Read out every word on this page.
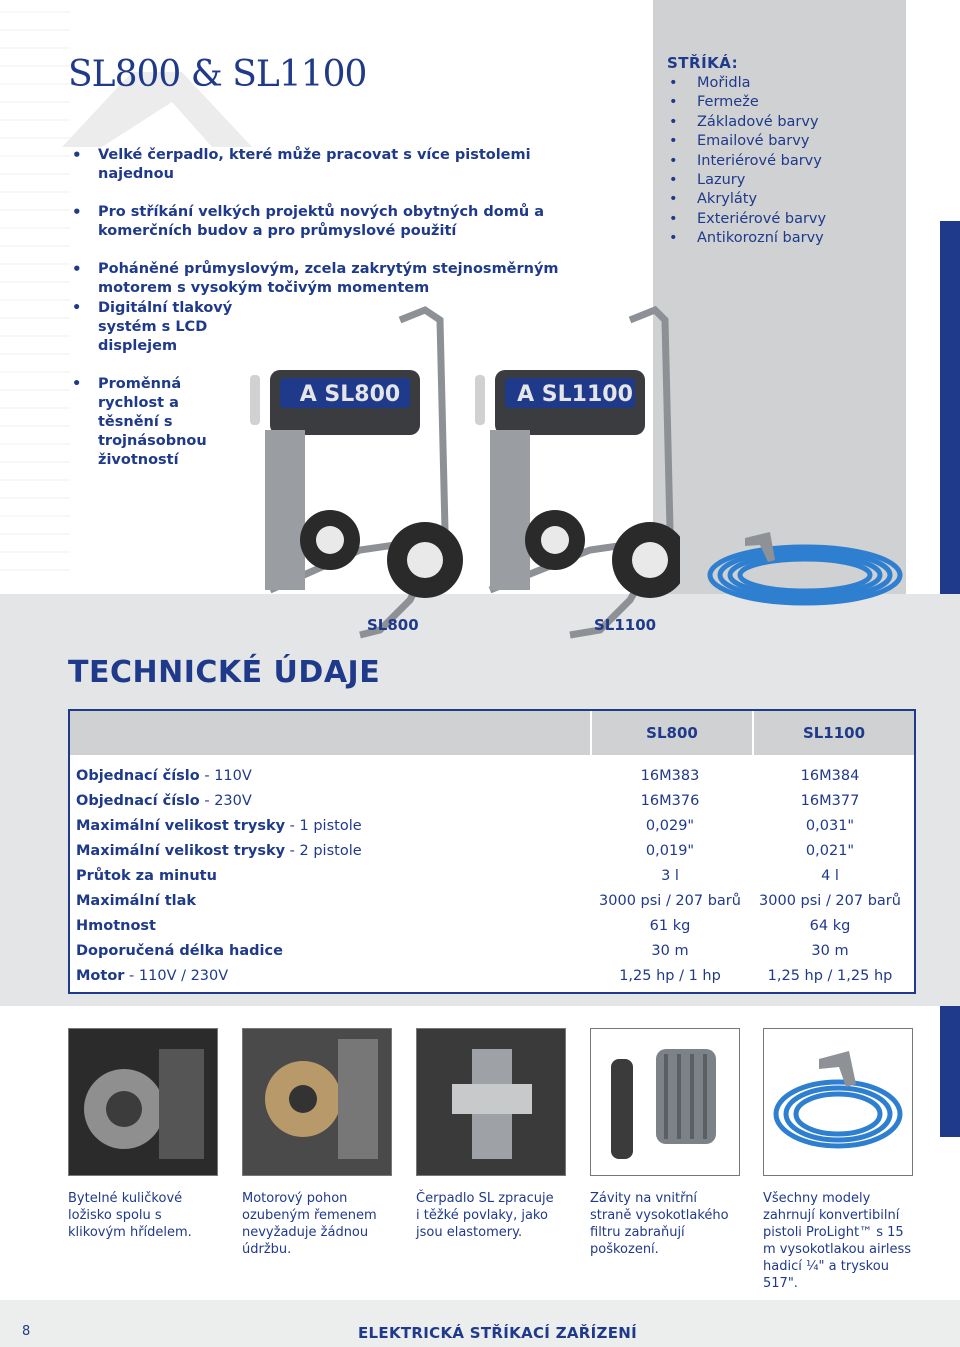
SL800 & SL1100
• Velké čerpadlo, které může pracovat s více pistolemi najednou
• Pro stříkání velkých projektů nových obytných domů a komerčních budov a pro průmyslové použití
• Poháněné průmyslovým, zcela zakrytým stejnosměrným motorem s vysokým točivým momentem
• Digitální tlakový systém s LCD displejem
• Proměnná rychlost a těsnění s trojnásobnou životností
STŘÍKÁ:
• Mořidla
• Fermeže
• Základové barvy
• Emailové barvy
• Interiérové barvy
• Lazury
• Akryláty
• Exteriérové barvy
• Antikorozní barvy
A SL800	A SL1100
SL800	SL1100
TECHNICKÉ ÚDAJE
SL800	SL1100
Objednací číslo - 110V	16M383	16M384
Objednací číslo - 230V	16M376	16M377
Maximální velikost trysky - 1 pistole	0,029"	0,031"
Maximální velikost trysky - 2 pistole	0,019"	0,021"
Průtok za minutu	3 l	4 l
Maximální tlak	3000 psi / 207 barů	3000 psi / 207 barů
Hmotnost	61 kg	64 kg
Doporučená délka hadice	30 m	30 m
Motor - 110V / 230V	1,25 hp / 1 hp	1,25 hp / 1,25 hp
Bytelné kuličkové ložisko spolu s klikovým hřídelem.
Motorový pohon ozubeným řemenem nevyžaduje žádnou údržbu.
Čerpadlo SL zpracuje i těžké povlaky, jako jsou elastomery.
Závity na vnitřní straně vysokotlakého filtru zabraňují poškození.
Všechny modely zahrnují konvertibilní pistoli ProLight™ s 15 m vysokotlakou airless hadicí ¼" a tryskou 517".
8	ELEKTRICKÁ STŘÍKACÍ ZAŘÍZENÍ
